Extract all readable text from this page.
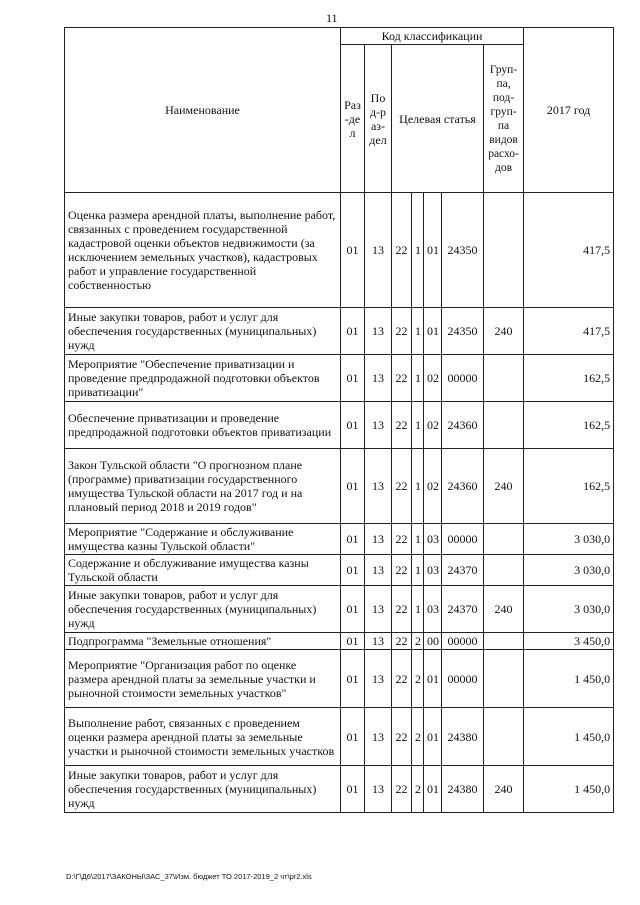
11
Наименование	Код классификации							2017 год
	Раз-дел	Под-раз-дел	Целевая статья				Груп-па, под-груп-па видов расхо-дов	
Оценка размера арендной платы, выполнение работ, связанных с проведением государственной кадастровой оценки объектов недвижимости (за исключением земельных участков), кадастровых работ и управление государственной собственностью	01	13	22	1	01	24350		417,5
Иные закупки товаров, работ и услуг для обеспечения государственных (муниципальных) нужд	01	13	22	1	01	24350	240	417,5
Мероприятие "Обеспечение приватизации и проведение предпродажной подготовки объектов приватизации"	01	13	22	1	02	00000		162,5
Обеспечение приватизации и проведение предпродажной подготовки объектов приватизации	01	13	22	1	02	24360		162,5
Закон Тульской области "О прогнозном плане (программе) приватизации государственного имущества Тульской области на 2017 год и на плановый период 2018 и 2019 годов"	01	13	22	1	02	24360	240	162,5
Мероприятие "Содержание и обслуживание имущества казны Тульской области"	01	13	22	1	03	00000		3 030,0
Содержание и обслуживание имущества казны Тульской области	01	13	22	1	03	24370		3 030,0
Иные закупки товаров, работ и услуг для обеспечения государственных (муниципальных) нужд	01	13	22	1	03	24370	240	3 030,0
Подпрограмма "Земельные отношения"	01	13	22	2	00	00000		3 450,0
Мероприятие "Организация работ по оценке размера арендной платы за земельные участки и рыночной стоимости земельных участков"	01	13	22	2	01	00000		1 450,0
Выполнение работ, связанных с проведением оценки размера арендной платы за земельные участки и рыночной стоимости земельных участков	01	13	22	2	01	24380		1 450,0
Иные закупки товаров, работ и услуг для обеспечения государственных (муниципальных) нужд	01	13	22	2	01	24380	240	1 450,0
D:\Г\Д6\2017\ЗАКОНЫ\ЗАС_37\Изм. бюджет ТО 2017-2019_2 чт\pr2.xls
